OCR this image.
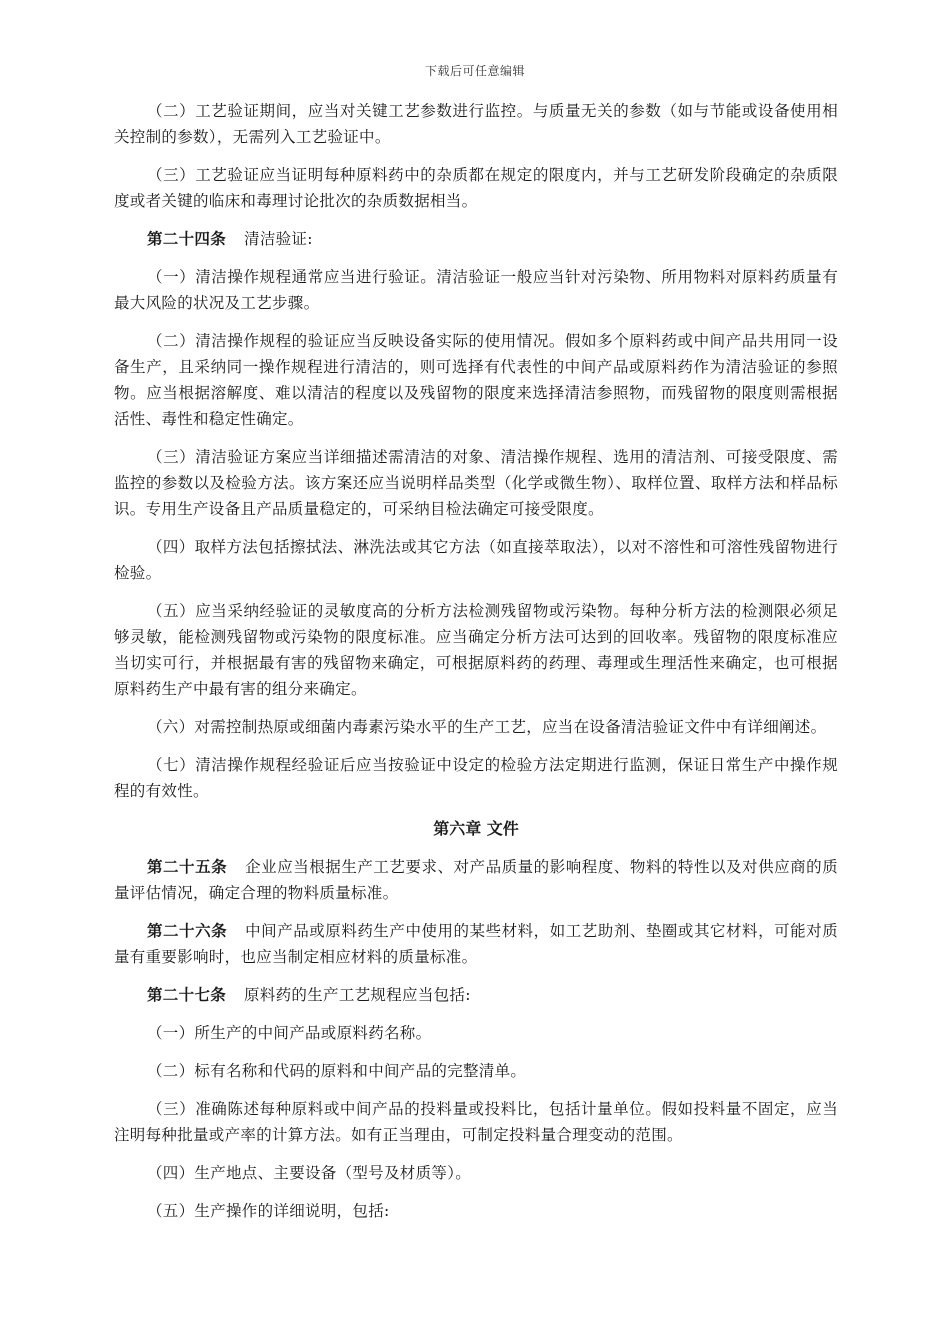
下载后可任意编辑

（二）工艺验证期间，应当对关键工艺参数进行监控。与质量无关的参数（如与节能或设备使用相关控制的参数），无需列入工艺验证中。

（三）工艺验证应当证明每种原料药中的杂质都在规定的限度内，并与工艺研发阶段确定的杂质限度或者关键的临床和毒理讨论批次的杂质数据相当。

第二十四条 清洁验证:

（一）清洁操作规程通常应当进行验证。清洁验证一般应当针对污染物、所用物料对原料药质量有最大风险的状况及工艺步骤。

（二）清洁操作规程的验证应当反映设备实际的使用情况。假如多个原料药或中间产品共用同一设备生产，且采纳同一操作规程进行清洁的，则可选择有代表性的中间产品或原料药作为清洁验证的参照物。应当根据溶解度、难以清洁的程度以及残留物的限度来选择清洁参照物，而残留物的限度则需根据活性、毒性和稳定性确定。

（三）清洁验证方案应当详细描述需清洁的对象、清洁操作规程、选用的清洁剂、可接受限度、需监控的参数以及检验方法。该方案还应当说明样品类型（化学或微生物）、取样位置、取样方法和样品标识。专用生产设备且产品质量稳定的，可采纳目检法确定可接受限度。

（四）取样方法包括擦拭法、淋洗法或其它方法（如直接萃取法），以对不溶性和可溶性残留物进行检验。

（五）应当采纳经验证的灵敏度高的分析方法检测残留物或污染物。每种分析方法的检测限必须足够灵敏，能检测残留物或污染物的限度标准。应当确定分析方法可达到的回收率。残留物的限度标准应当切实可行，并根据最有害的残留物来确定，可根据原料药的药理、毒理或生理活性来确定，也可根据原料药生产中最有害的组分来确定。

（六）对需控制热原或细菌内毒素污染水平的生产工艺，应当在设备清洁验证文件中有详细阐述。

（七）清洁操作规程经验证后应当按验证中设定的检验方法定期进行监测，保证日常生产中操作规程的有效性。

第六章 文件

第二十五条 企业应当根据生产工艺要求、对产品质量的影响程度、物料的特性以及对供应商的质量评估情况，确定合理的物料质量标准。

第二十六条 中间产品或原料药生产中使用的某些材料，如工艺助剂、垫圈或其它材料，可能对质量有重要影响时，也应当制定相应材料的质量标准。

第二十七条 原料药的生产工艺规程应当包括:

（一）所生产的中间产品或原料药名称。

（二）标有名称和代码的原料和中间产品的完整清单。

（三）准确陈述每种原料或中间产品的投料量或投料比，包括计量单位。假如投料量不固定，应当注明每种批量或产率的计算方法。如有正当理由，可制定投料量合理变动的范围。

（四）生产地点、主要设备（型号及材质等）。

（五）生产操作的详细说明，包括:
